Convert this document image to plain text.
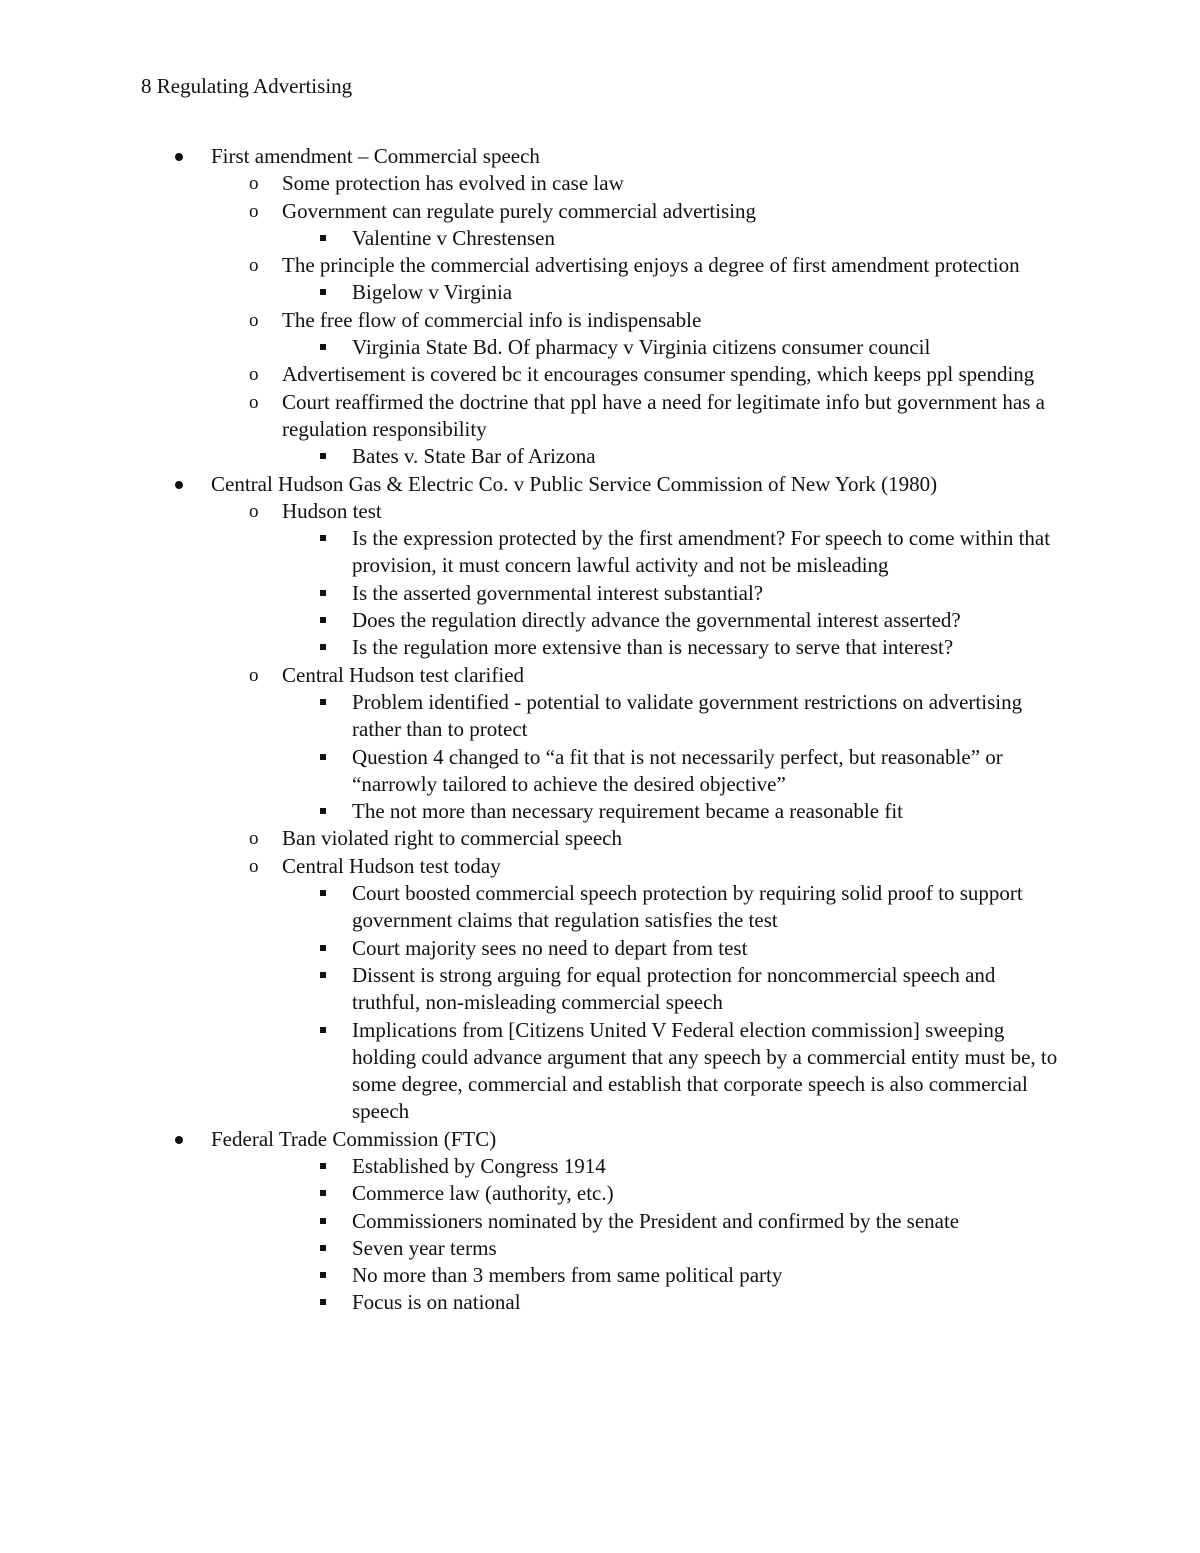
8 Regulating Advertising
First amendment – Commercial speech
o Some protection has evolved in case law
o Government can regulate purely commercial advertising
Valentine v Chrestensen
o The principle the commercial advertising enjoys a degree of first amendment protection
Bigelow v Virginia
o The free flow of commercial info is indispensable
Virginia State Bd. Of pharmacy v Virginia citizens consumer council
o Advertisement is covered bc it encourages consumer spending, which keeps ppl spending
o Court reaffirmed the doctrine that ppl have a need for legitimate info but government has a regulation responsibility
Bates v. State Bar of Arizona
Central Hudson Gas & Electric Co. v Public Service Commission of New York (1980)
o Hudson test
Is the expression protected by the first amendment? For speech to come within that provision, it must concern lawful activity and not be misleading
Is the asserted governmental interest substantial?
Does the regulation directly advance the governmental interest asserted?
Is the regulation more extensive than is necessary to serve that interest?
o Central Hudson test clarified
Problem identified - potential to validate government restrictions on advertising rather than to protect
Question 4 changed to “a fit that is not necessarily perfect, but reasonable” or “narrowly tailored to achieve the desired objective”
The not more than necessary requirement became a reasonable fit
o Ban violated right to commercial speech
o Central Hudson test today
Court boosted commercial speech protection by requiring solid proof to support government claims that regulation satisfies the test
Court majority sees no need to depart from test
Dissent is strong arguing for equal protection for noncommercial speech and truthful, non-misleading commercial speech
Implications from [Citizens United V Federal election commission] sweeping holding could advance argument that any speech by a commercial entity must be, to some degree, commercial and establish that corporate speech is also commercial speech
Federal Trade Commission (FTC)
Established by Congress 1914
Commerce law (authority, etc.)
Commissioners nominated by the President and confirmed by the senate
Seven year terms
No more than 3 members from same political party
Focus is on national
